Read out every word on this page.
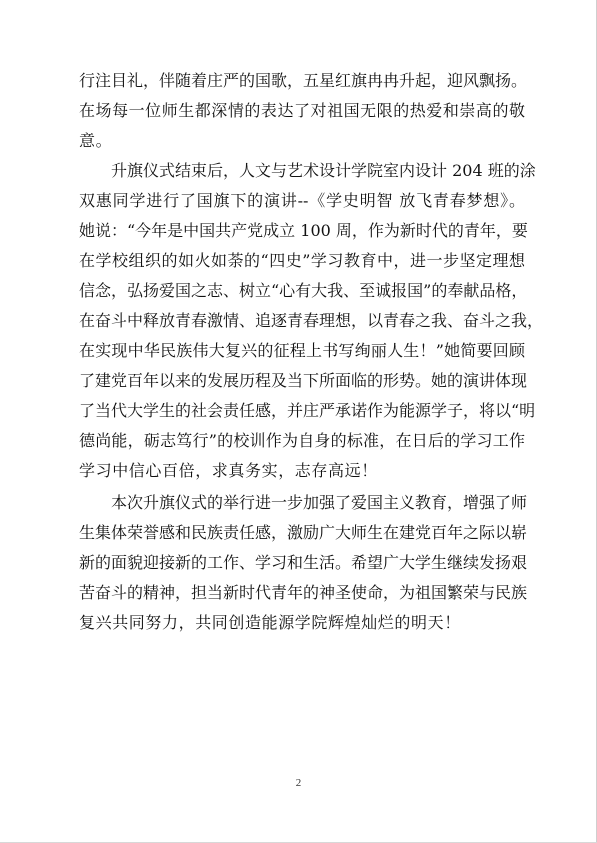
行注目礼，伴随着庄严的国歌，五星红旗冉冉升起，迎风飘扬。
在场每一位师生都深情的表达了对祖国无限的热爱和崇高的敬
意。
升旗仪式结束后，人文与艺术设计学院室内设计 204 班的涂
双惠同学进行了国旗下的演讲--《学史明智 放飞青春梦想》。
她说：“今年是中国共产党成立 100 周，作为新时代的青年，要
在学校组织的如火如荼的“四史”学习教育中，进一步坚定理想
信念，弘扬爱国之志、树立“心有大我、至诚报国”的奉献品格，
在奋斗中释放青春激情、追逐青春理想，以青春之我、奋斗之我，
在实现中华民族伟大复兴的征程上书写绚丽人生！”她简要回顾
了建党百年以来的发展历程及当下所面临的形势。她的演讲体现
了当代大学生的社会责任感，并庄严承诺作为能源学子，将以“明
德尚能，砺志笃行”的校训作为自身的标准，在日后的学习工作
学习中信心百倍，求真务实，志存高远！
本次升旗仪式的举行进一步加强了爱国主义教育，增强了师
生集体荣誉感和民族责任感，激励广大师生在建党百年之际以崭
新的面貌迎接新的工作、学习和生活。希望广大学生继续发扬艰
苦奋斗的精神，担当新时代青年的神圣使命，为祖国繁荣与民族
复兴共同努力，共同创造能源学院辉煌灿烂的明天！
2
